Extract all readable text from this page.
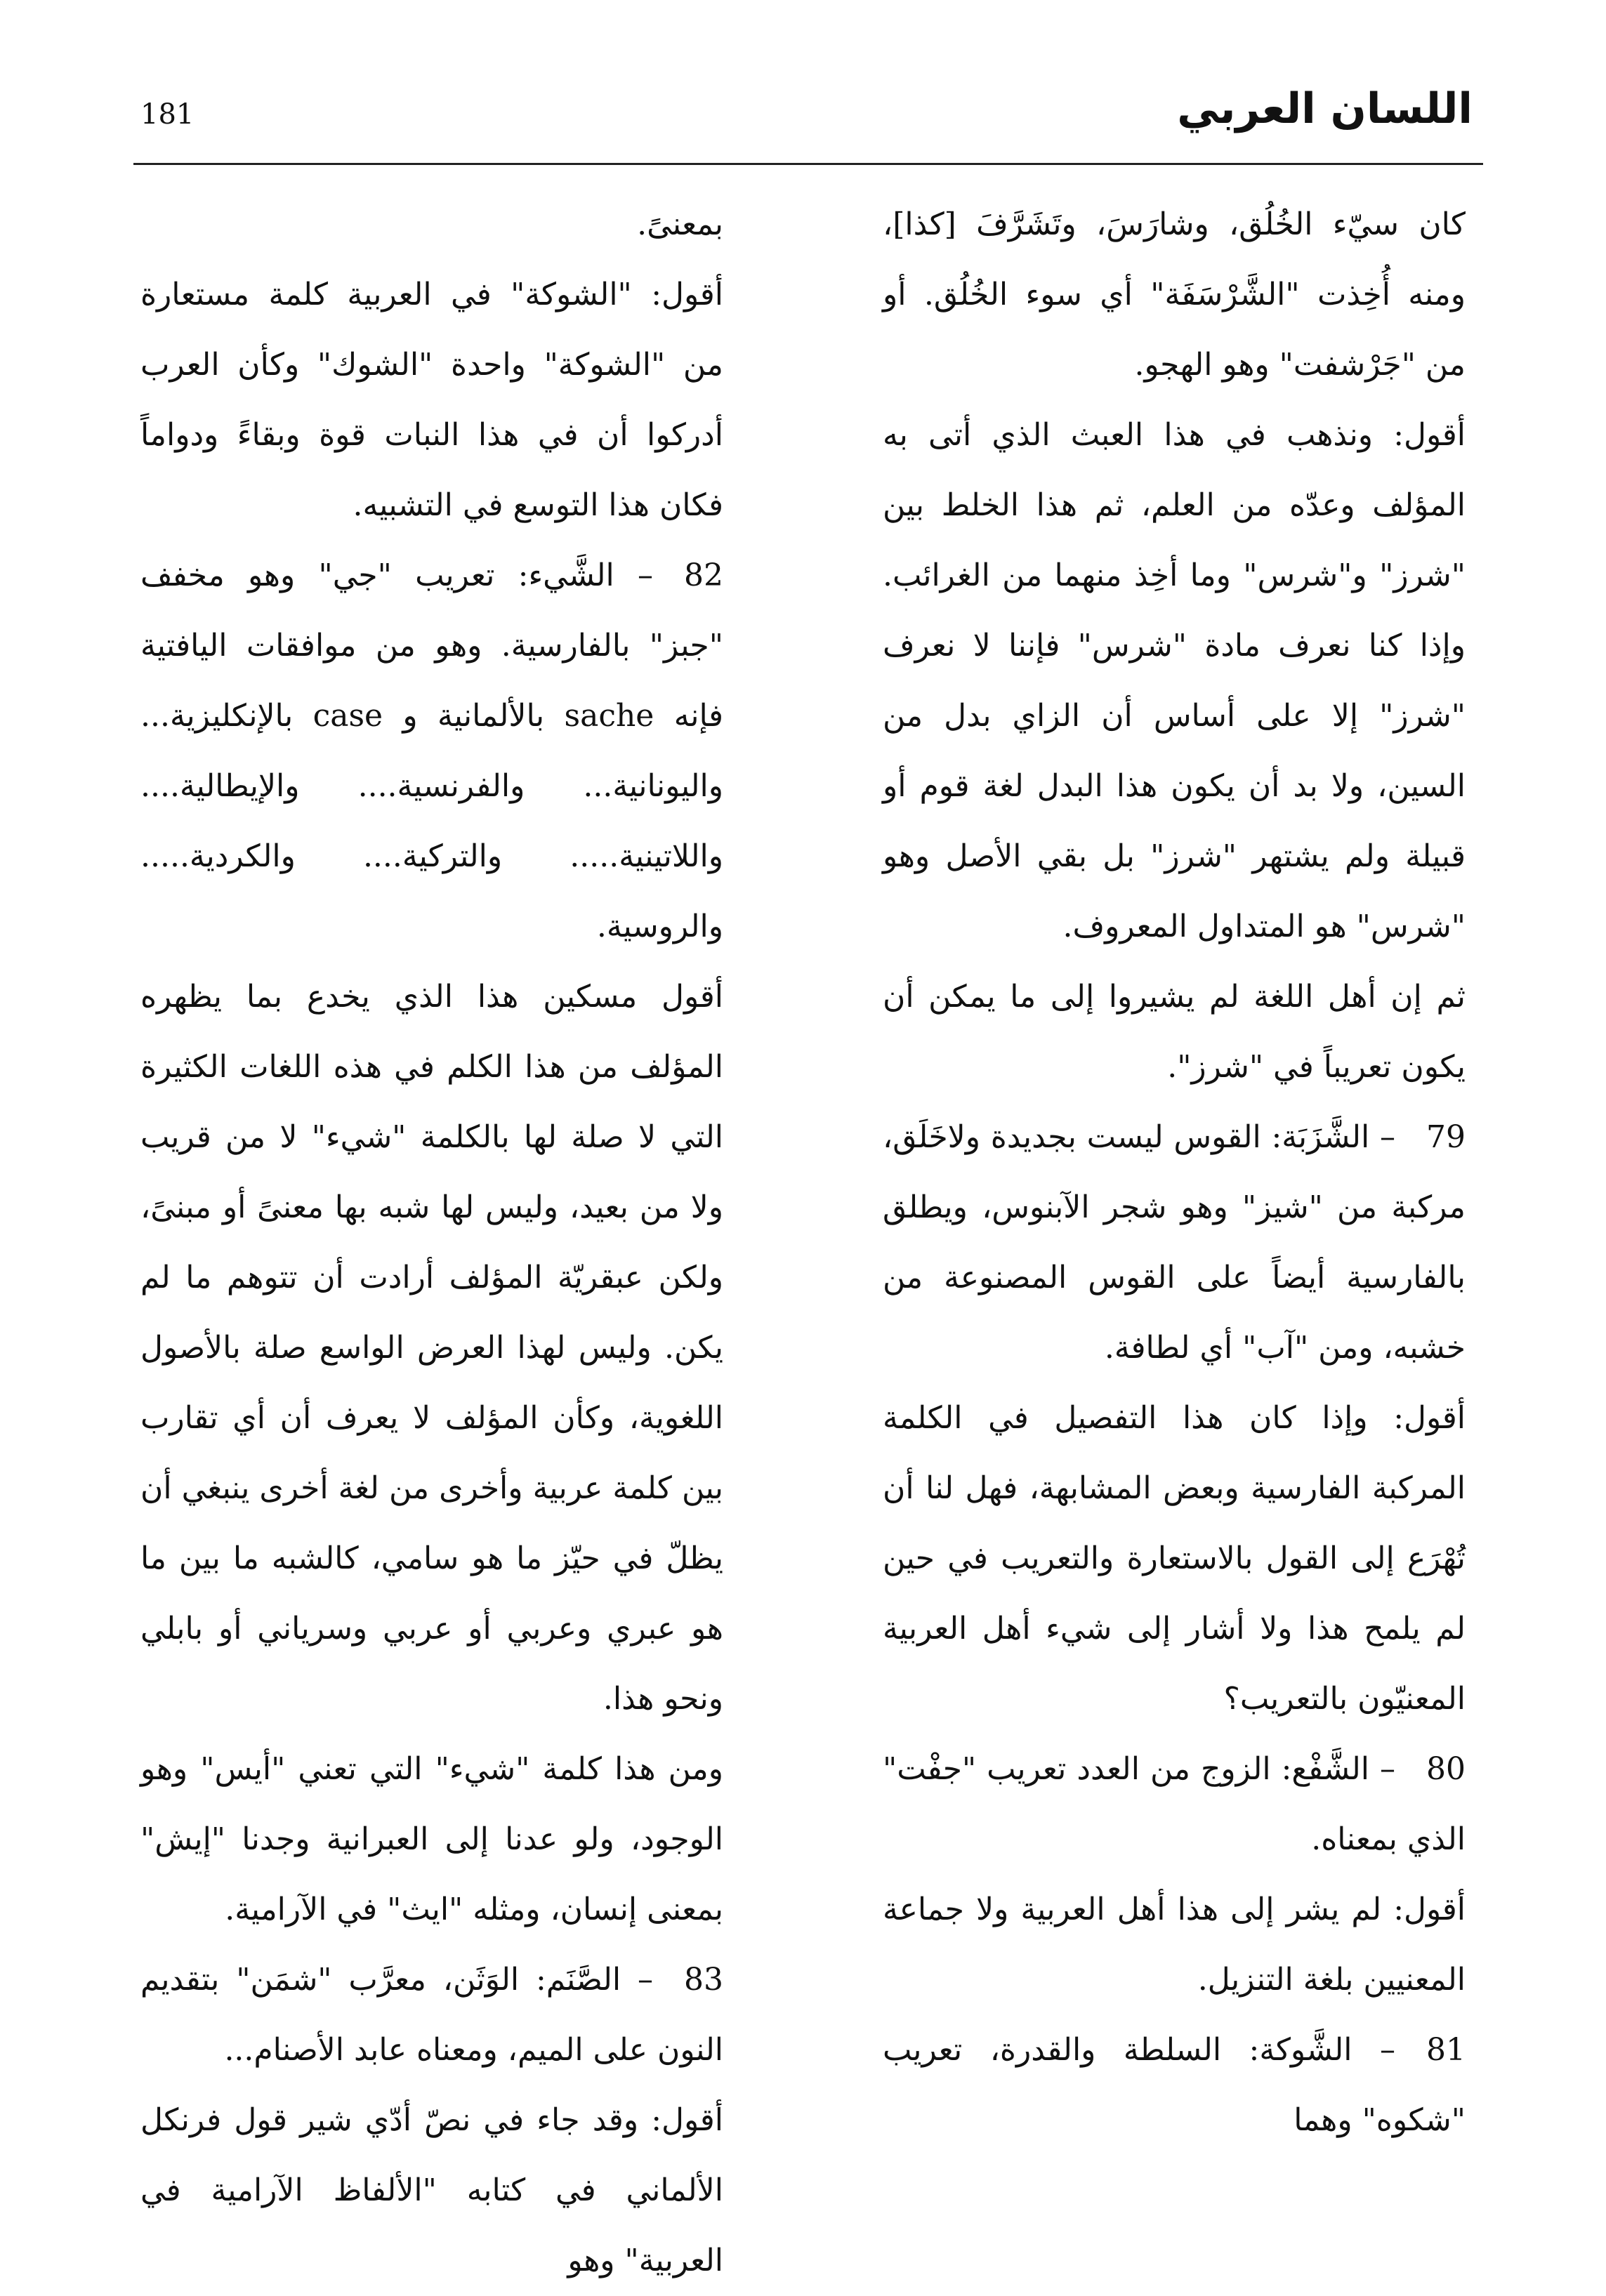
181	اللسان العربي

كان سيّء الخُلُق، وشارَسَ، وتَشَرَّفَ [كذا]، ومنه أُخِذت "الشَّرْسَفَة" أي سوء الخُلُق. أو من "جَرْشفت" وهو الهجو.

أقول: ونذهب في هذا العبث الذي أتى به المؤلف وعدّه من العلم، ثم هذا الخلط بين "شرز" و"شرس" وما أخِذ منهما من الغرائب. وإذا كنا نعرف مادة "شرس" فإننا لا نعرف "شرز" إلا على أساس أن الزاي بدل من السين، ولا بد أن يكون هذا البدل لغة قوم أو قبيلة ولم يشتهر "شرز" بل بقي الأصل وهو "شرس" هو المتداول المعروف.

ثم إن أهل اللغة لم يشيروا إلى ما يمكن أن يكون تعريباً في "شرز".

79– الشَّزَبَة: القوس ليست بجديدة ولاخَلَق، مركبة من "شيز" وهو شجر الآبنوس، ويطلق بالفارسية أيضاً على القوس المصنوعة من خشبه، ومن "آب" أي لطافة.

أقول: وإذا كان هذا التفصيل في الكلمة المركبة الفارسية وبعض المشابهة، فهل لنا أن تُهْرَع إلى القول بالاستعارة والتعريب في حين لم يلمح هذا ولا أشار إلى شيء أهل العربية المعنيّون بالتعريب؟

80– الشَّفْع: الزوج من العدد تعريب "جفْت" الذي بمعناه.

أقول: لم يشر إلى هذا أهل العربية ولا جماعة المعنيين بلغة التنزيل.

81– الشَّوكة: السلطة والقدرة، تعريب "شكوه" وهما

بمعنىً.

أقول: "الشوكة" في العربية كلمة مستعارة من "الشوكة" واحدة "الشوك" وكأن العرب أدركوا أن في هذا النبات قوة وبقاءً ودواماً فكان هذا التوسع في التشبيه.

82– الشَّيء: تعريب "جي" وهو مخفف "جبز" بالفارسية. وهو من موافقات اليافتية فإنه sache بالألمانية و case بالإنكليزية... واليونانية... والفرنسية.... والإيطالية.... واللاتينية..... والتركية.... والكردية..... والروسية.

أقول مسكين هذا الذي يخدع بما يظهره المؤلف من هذا الكلم في هذه اللغات الكثيرة التي لا صلة لها بالكلمة "شيء" لا من قريب ولا من بعيد، وليس لها شبه بها معنىً أو مبنىً، ولكن عبقريّة المؤلف أرادت أن تتوهم ما لم يكن. وليس لهذا العرض الواسع صلة بالأصول اللغوية، وكأن المؤلف لا يعرف أن أي تقارب بين كلمة عربية وأخرى من لغة أخرى ينبغي أن يظلّ في حيّز ما هو سامي، كالشبه ما بين ما هو عبري وعربي أو عربي وسرياني أو بابلي ونحو هذا.

ومن هذا كلمة "شيء" التي تعني "أيس" وهو الوجود، ولو عدنا إلى العبرانية وجدنا "إيش" بمعنى إنسان، ومثله "ايث" في الآرامية.

83– الصَّنَم: الوَثَن، معرَّب "شمَن" بتقديم النون على الميم، ومعناه عابد الأصنام...

أقول: وقد جاء في نصّ أدّي شير قول فرنكل الألماني في كتابه "الألفاظ الآرامية في العربية" وهو
